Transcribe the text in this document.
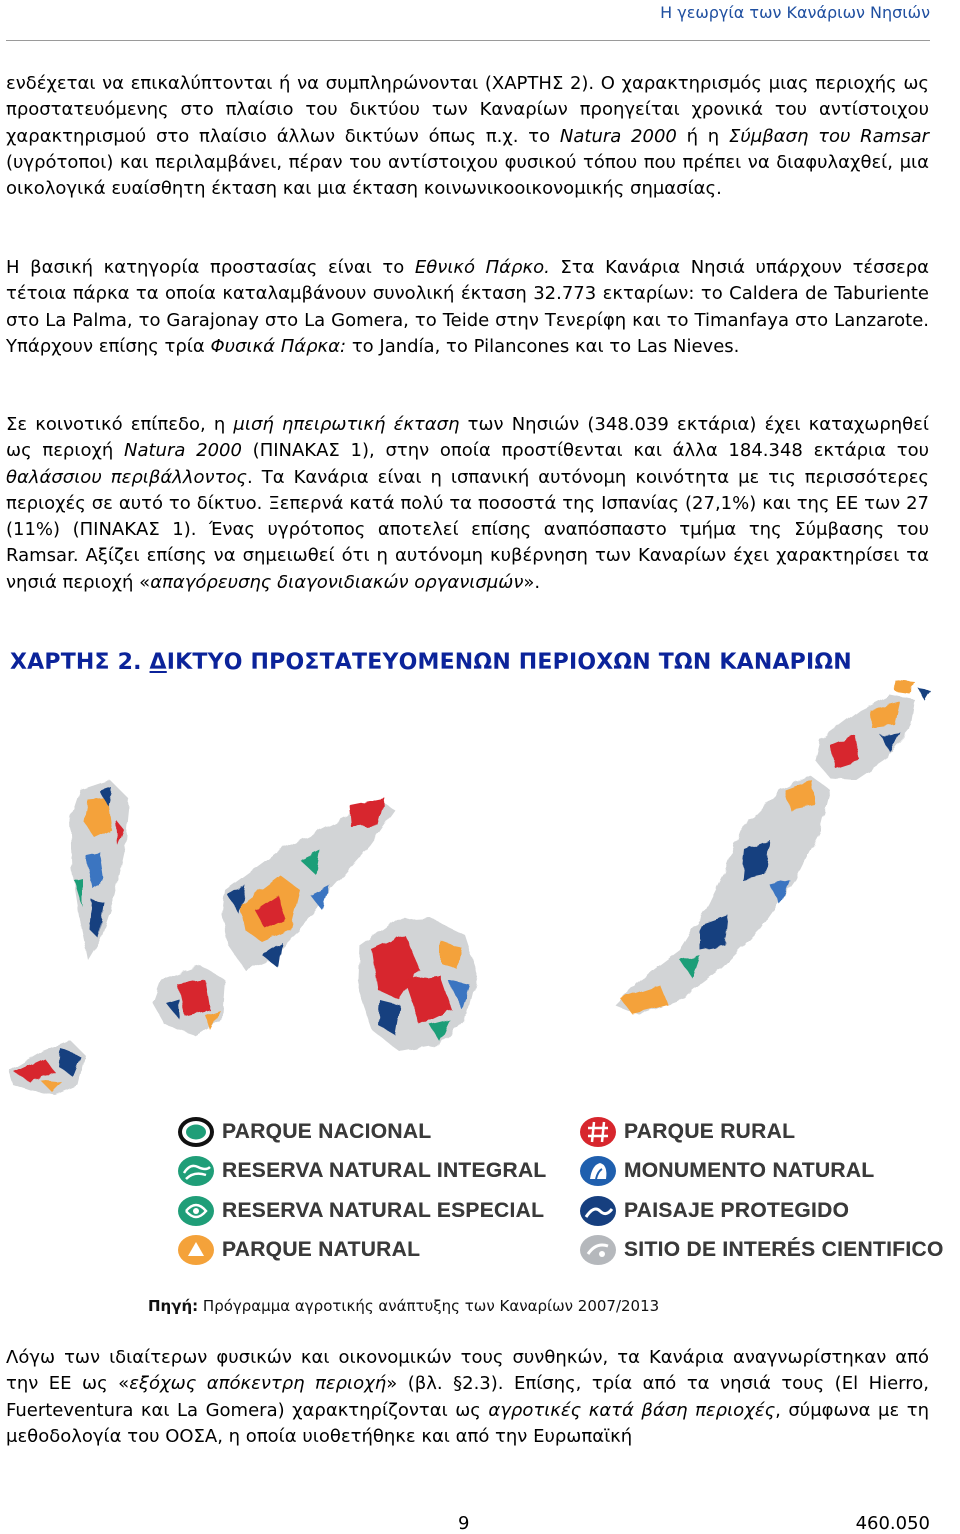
Η γεωργία των Κανάριων Νησιών

ενδέχεται να επικαλύπτονται ή να συμπληρώνονται (ΧΑΡΤΗΣ 2). Ο χαρακτηρισμός μιας περιοχής ως προστατευόμενης στο πλαίσιο του δικτύου των Καναρίων προηγείται χρονικά του αντίστοιχου χαρακτηρισμού στο πλαίσιο άλλων δικτύων όπως π.χ. το Natura 2000 ή η Σύμβαση του Ramsar (υγρότοποι) και περιλαμβάνει, πέραν του αντίστοιχου φυσικού τόπου που πρέπει να διαφυλαχθεί, μια οικολογικά ευαίσθητη έκταση και μια έκταση κοινωνικοοικονομικής σημασίας.

Η βασική κατηγορία προστασίας είναι το Εθνικό Πάρκο. Στα Κανάρια Νησιά υπάρχουν τέσσερα τέτοια πάρκα τα οποία καταλαμβάνουν συνολική έκταση 32.773 εκταρίων: το Caldera de Taburiente στο La Palma, το Garajonay στο La Gomera, το Teide στην Τενερίφη και το Timanfaya στο Lanzarote. Υπάρχουν επίσης τρία Φυσικά Πάρκα: το Jandía, το Pilancones και το Las Nieves.

Σε κοινοτικό επίπεδο, η μισή ηπειρωτική έκταση των Νησιών (348.039 εκτάρια) έχει καταχωρηθεί ως περιοχή Natura 2000 (ΠΙΝΑΚΑΣ 1), στην οποία προστίθενται και άλλα 184.348 εκτάρια του θαλάσσιου περιβάλλοντος. Τα Κανάρια είναι η ισπανική αυτόνομη κοινότητα με τις περισσότερες περιοχές σε αυτό το δίκτυο. Ξεπερνά κατά πολύ τα ποσοστά της Ισπανίας (27,1%) και της ΕΕ των 27 (11%) (ΠΙΝΑΚΑΣ 1). Ένας υγρότοπος αποτελεί επίσης αναπόσπαστο τμήμα της Σύμβασης του Ramsar. Αξίζει επίσης να σημειωθεί ότι η αυτόνομη κυβέρνηση των Καναρίων έχει χαρακτηρίσει τα νησιά περιοχή «απαγόρευσης διαγονιδιακών οργανισμών».

ΧΑΡΤΗΣ 2. ΔΙΚΤΥΟ ΠΡΟΣΤΑΤΕΥΟΜΕΝΩΝ ΠΕΡΙΟΧΩΝ ΤΩΝ ΚΑΝΑΡΙΩΝ
PARQUE NACIONAL
RESERVA NATURAL INTEGRAL
RESERVA NATURAL ESPECIAL
PARQUE NATURAL
PARQUE RURAL
MONUMENTO NATURAL
PAISAJE PROTEGIDO
SITIO DE INTERÉS CIENTIFICO
Πηγή: Πρόγραμμα αγροτικής ανάπτυξης των Καναρίων 2007/2013

Λόγω των ιδιαίτερων φυσικών και οικονομικών τους συνθηκών, τα Κανάρια αναγνωρίστηκαν από την ΕΕ ως «εξόχως απόκεντρη περιοχή» (βλ. §2.3). Επίσης, τρία από τα νησιά τους (El Hierro, Fuerteventura και La Gomera) χαρακτηρίζονται ως αγροτικές κατά βάση περιοχές, σύμφωνα με τη μεθοδολογία του ΟΟΣΑ, η οποία υιοθετήθηκε και από την Ευρωπαϊκή

9	460.050
